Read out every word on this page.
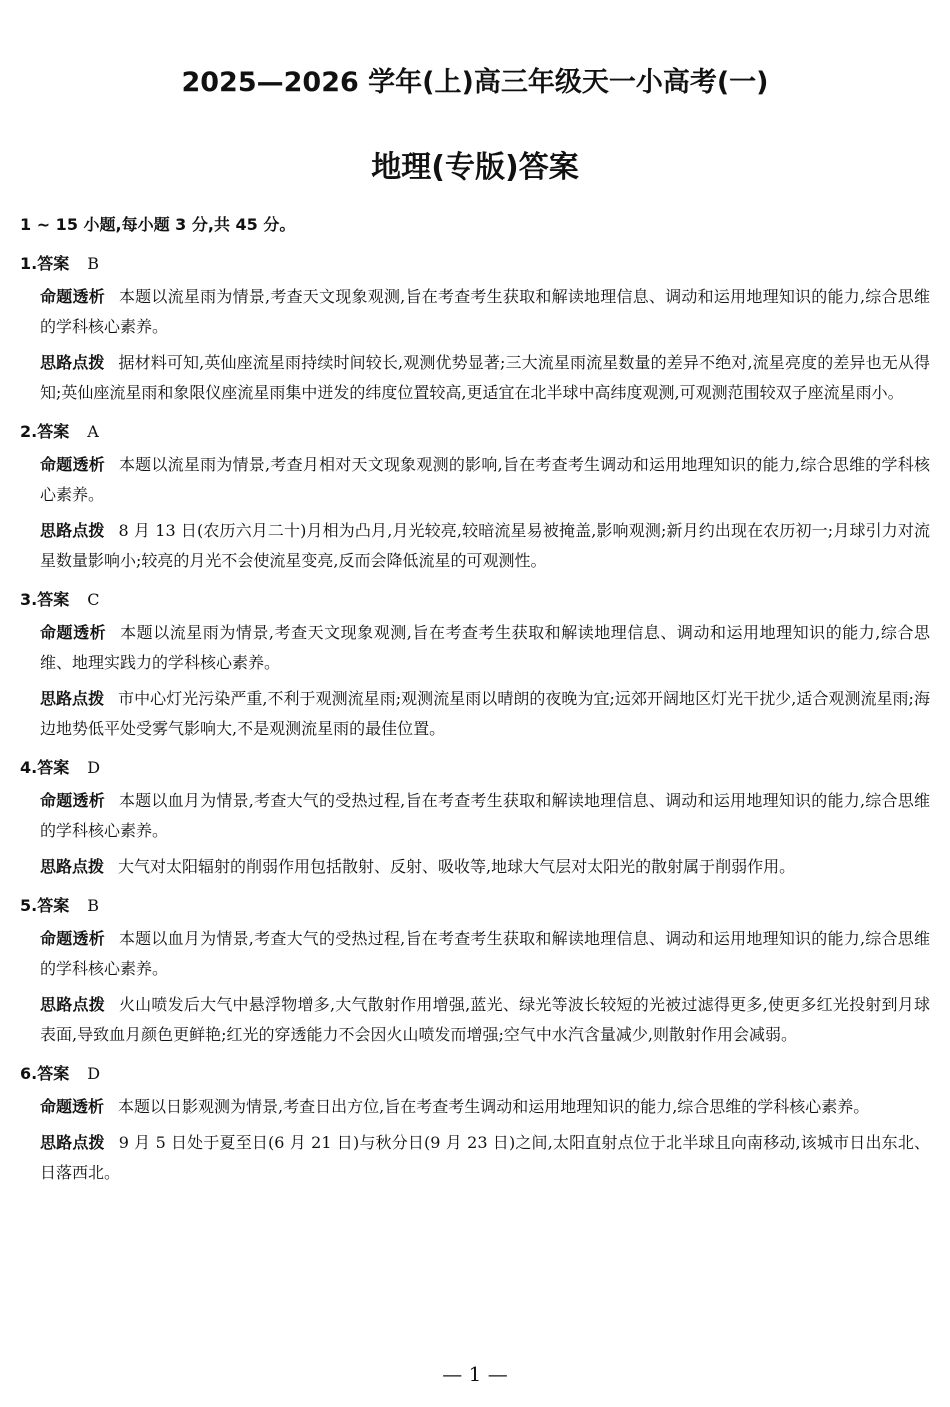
2025—2026 学年(上)高三年级天一小高考(一)
地理(专版)答案
1 ~ 15 小题,每小题 3 分,共 45 分。
1.答案 B

命题透析 本题以流星雨为情景,考查天文现象观测,旨在考查考生获取和解读地理信息、调动和运用地理知识的能力,综合思维的学科核心素养。

思路点拨 据材料可知,英仙座流星雨持续时间较长,观测优势显著;三大流星雨流星数量的差异不绝对,流星亮度的差异也无从得知;英仙座流星雨和象限仪座流星雨集中迸发的纬度位置较高,更适宜在北半球中高纬度观测,可观测范围较双子座流星雨小。

2.答案 A

命题透析 本题以流星雨为情景,考查月相对天文现象观测的影响,旨在考查考生调动和运用地理知识的能力,综合思维的学科核心素养。

思路点拨 8 月 13 日(农历六月二十)月相为凸月,月光较亮,较暗流星易被掩盖,影响观测;新月约出现在农历初一;月球引力对流星数量影响小;较亮的月光不会使流星变亮,反而会降低流星的可观测性。

3.答案 C

命题透析 本题以流星雨为情景,考查天文现象观测,旨在考查考生获取和解读地理信息、调动和运用地理知识的能力,综合思维、地理实践力的学科核心素养。

思路点拨 市中心灯光污染严重,不利于观测流星雨;观测流星雨以晴朗的夜晚为宜;远郊开阔地区灯光干扰少,适合观测流星雨;海边地势低平处受雾气影响大,不是观测流星雨的最佳位置。

4.答案 D

命题透析 本题以血月为情景,考查大气的受热过程,旨在考查考生获取和解读地理信息、调动和运用地理知识的能力,综合思维的学科核心素养。

思路点拨 大气对太阳辐射的削弱作用包括散射、反射、吸收等,地球大气层对太阳光的散射属于削弱作用。

5.答案 B

命题透析 本题以血月为情景,考查大气的受热过程,旨在考查考生获取和解读地理信息、调动和运用地理知识的能力,综合思维的学科核心素养。

思路点拨 火山喷发后大气中悬浮物增多,大气散射作用增强,蓝光、绿光等波长较短的光被过滤得更多,使更多红光投射到月球表面,导致血月颜色更鲜艳;红光的穿透能力不会因火山喷发而增强;空气中水汽含量减少,则散射作用会减弱。

6.答案 D

命题透析 本题以日影观测为情景,考查日出方位,旨在考查考生调动和运用地理知识的能力,综合思维的学科核心素养。

思路点拨 9 月 5 日处于夏至日(6 月 21 日)与秋分日(9 月 23 日)之间,太阳直射点位于北半球且向南移动,该城市日出东北、日落西北。

— 1 —
